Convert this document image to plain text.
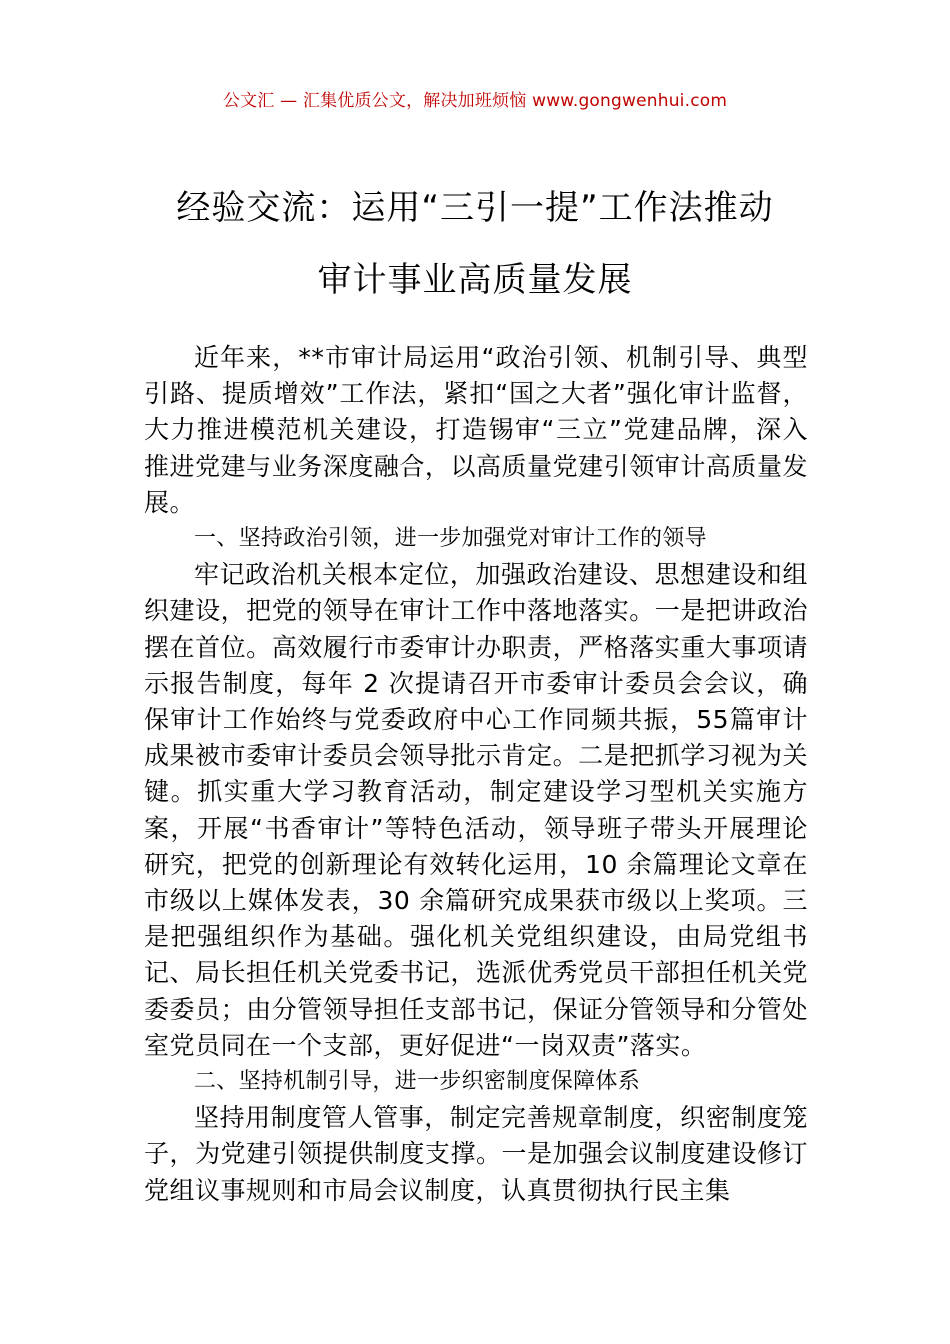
公文汇 — 汇集优质公文，解决加班烦恼 www.gongwenhui.com
经验交流：运用“三引一提”工作法推动
审计事业高质量发展

近年来，**市审计局运用“政治引领、机制引导、典型引路、提质增效”工作法，紧扣“国之大者”强化审计监督，大力推进模范机关建设，打造锡审“三立”党建品牌，深入推进党建与业务深度融合，以高质量党建引领审计高质量发展。

一、坚持政治引领，进一步加强党对审计工作的领导

牢记政治机关根本定位，加强政治建设、思想建设和组织建设，把党的领导在审计工作中落地落实。一是把讲政治摆在首位。高效履行市委审计办职责，严格落实重大事项请示报告制度，每年 2 次提请召开市委审计委员会会议，确保审计工作始终与党委政府中心工作同频共振，55篇审计成果被市委审计委员会领导批示肯定。二是把抓学习视为关键。抓实重大学习教育活动，制定建设学习型机关实施方案，开展“书香审计”等特色活动，领导班子带头开展理论研究，把党的创新理论有效转化运用，10 余篇理论文章在市级以上媒体发表，30 余篇研究成果获市级以上奖项。三是把强组织作为基础。强化机关党组织建设，由局党组书记、局长担任机关党委书记，选派优秀党员干部担任机关党委委员；由分管领导担任支部书记，保证分管领导和分管处室党员同在一个支部，更好促进“一岗双责”落实。

二、坚持机制引导，进一步织密制度保障体系

坚持用制度管人管事，制定完善规章制度，织密制度笼子，为党建引领提供制度支撑。一是加强会议制度建设修订党组议事规则和市局会议制度，认真贯彻执行民主集
